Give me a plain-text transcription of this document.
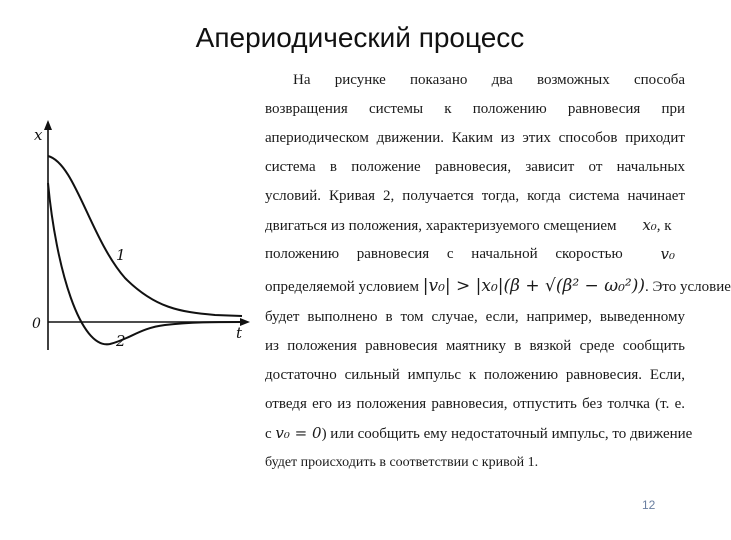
Апериодический процесс
x
t
0
1
2
На рисунке показано два возможных способа
возвращения системы к положению равновесия при
апериодическом движении. Каким из этих способов приходит
система в положение равновесия, зависит от начальных
условий. Кривая 2, получается тогда, когда система начинает
двигаться из положения, характеризуемого смещением x₀, к
положению равновесия с начальной скоростью	v₀
определяемой условием |v₀| > |x₀|(β + √(β² − ω₀²)). Это условие
будет выполнено в том случае, если, например, выведенному
из положения равновесия маятнику в вязкой среде сообщить
достаточно сильный импульс к положению равновесия. Если,
отведя его из положения равновесия, отпустить без толчка (т. е.
с v₀ = 0) или сообщить ему недостаточный импульс, то движение
будет происходить в соответствии с кривой 1.
12
